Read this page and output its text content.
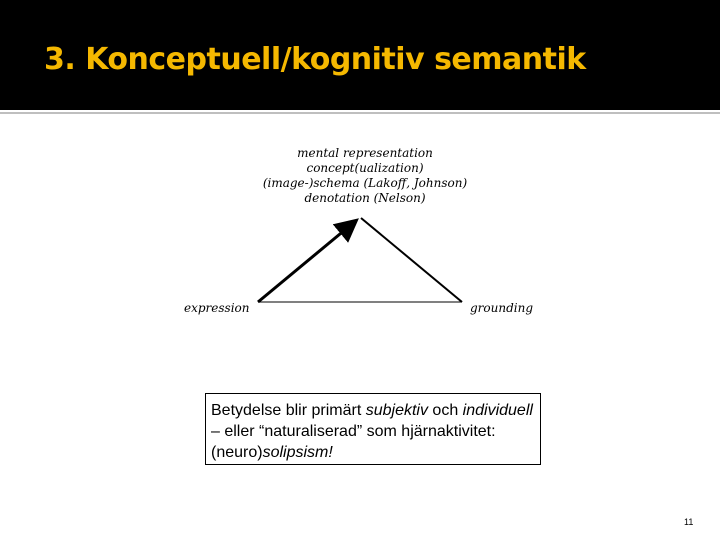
3. Konceptuell/kognitiv semantik
mental representation
concept(ualization)
(image-)schema (Lakoff, Johnson)
denotation (Nelson)
expression	grounding
Betydelse blir primärt subjektiv och individuell – eller “naturaliserad” som hjärnaktivitet: (neuro)solipsism!
11
